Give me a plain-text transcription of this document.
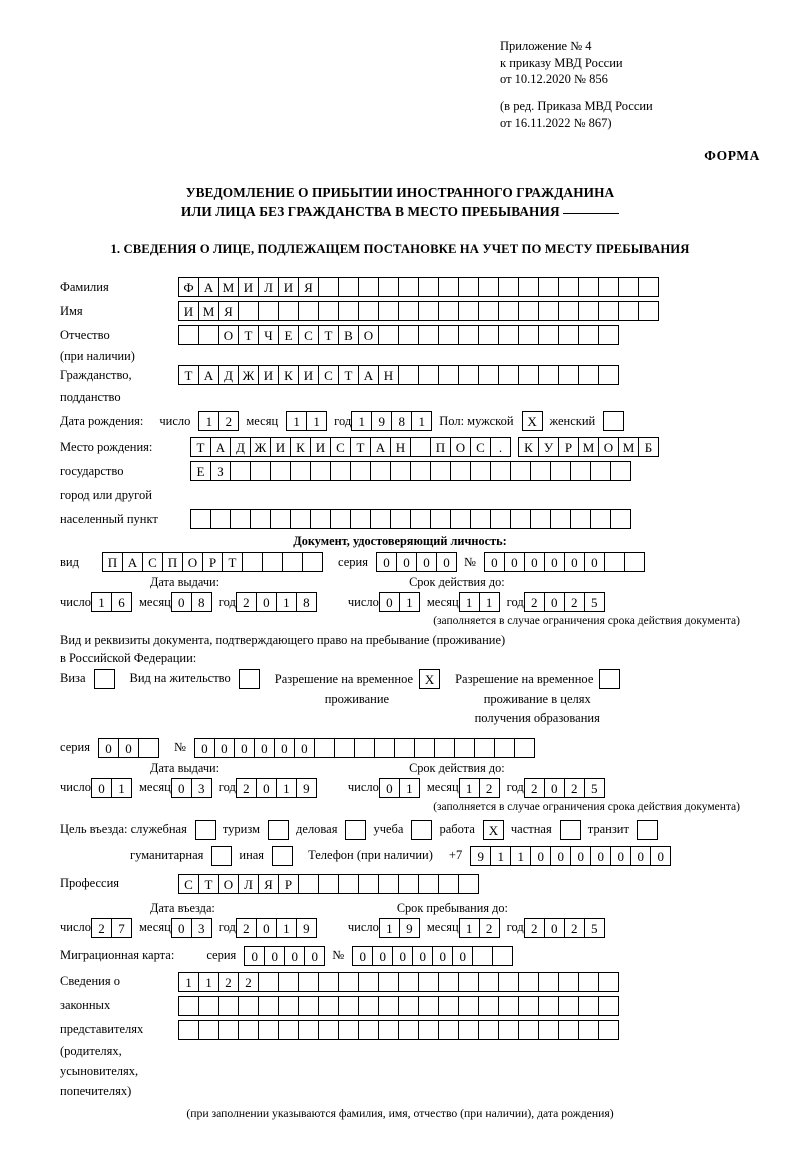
Приложение № 4
к приказу МВД России
от 10.12.2020 № 856
(в ред. Приказа МВД России
от 16.11.2022 № 867)
ФОРМА
УВЕДОМЛЕНИЕ О ПРИБЫТИИ ИНОСТРАННОГО ГРАЖДАНИНА
ИЛИ ЛИЦА БЕЗ ГРАЖДАНСТВА В МЕСТО ПРЕБЫВАНИЯ
1. СВЕДЕНИЯ О ЛИЦЕ, ПОДЛЕЖАЩЕМ ПОСТАНОВКЕ НА УЧЕТ ПО МЕСТУ ПРЕБЫВАНИЯ
Фамилия	Ф А М И Л И Я
Имя	И М Я
Отчество	О Т Ч Е С Т В О
(при наличии)
Гражданство,	Т А Д Ж И К И С Т А Н
подданство
Дата рождения: число	1	2	месяц	1	1	год 1	9	8	1	Пол: мужской	X	женский
Место рождения:	Т А Д Ж И К И С Т А Н	П О С	.	К У Р М О М Б
государство	Е З
город или другой
населенный пункт
Документ, удостоверяющий личность:
вид	П А С П О Р Т	серия	0	0	0	0	№	0	0	0	0	0	0
Дата выдачи:	Срок действия до:
число 1	6	месяц 0	8	год 2	0	1	8	число 0	1	месяц 1	1	год 2	0	2	5
(заполняется в случае ограничения срока действия документа)
Вид и реквизиты документа, подтверждающего право на пребывание (проживание)
в Российской Федерации:
Виза	Вид на жительство	Разрешение на временное X
проживание
Разрешение на временное
проживание в целях
получения образования
серия	0	0	№	0	0	0	0	0	0
Дата выдачи:	Срок действия до:
число 0	1	месяц 0	3	год 2	0	1	9	число 0	1	месяц 1	2	год 2	0	2	5
(заполняется в случае ограничения срока действия документа)
Цель въезда: служебная	туризм	деловая	учеба	работа	X	частная	транзит
гуманитарная	иная	Телефон (при наличии) +7	9	1	1	0	0	0	0	0	0	0
Профессия	С Т О Л Я Р
Дата въезда:	Срок пребывания до:
число 2	7	месяц 0	3	год 2	0	1	9	число 1	9	месяц 1	2	год 2	0	2	5
Миграционная карта:	серия	0	0	0	0	№	0	0	0	0	0	0
Сведения о	1	1	2	2
законных
представителях
(родителях,
усыновителях,
попечителях)
(при заполнении указываются фамилия, имя, отчество (при наличии), дата рождения)
